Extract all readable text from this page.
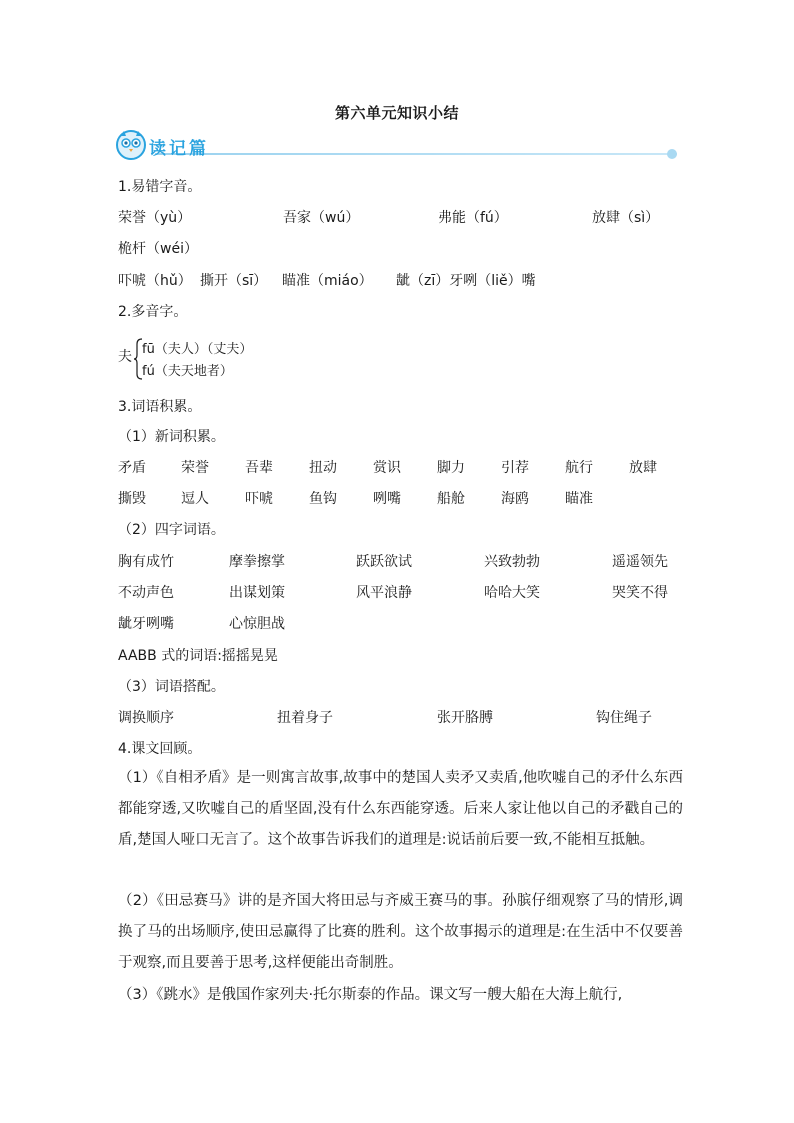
第六单元知识小结
读记篇
1.易错字音。
荣誉（yù）	吾家（wú）	弗能（fú）	放肆（sì）
桅杆（wéi）
吓唬（hǔ） 撕开（sī） 瞄准（miáo） 龇（zī）牙咧（liě）嘴
2.多音字。
夫 fū（夫人）（丈夫）
fú（夫天地者）
3.词语积累。
（1）新词积累。
矛盾	荣誉	吾辈	扭动	赏识	脚力	引荐	航行	放肆
撕毁	逗人	吓唬	鱼钩	咧嘴	船舱	海鸥	瞄准
（2）四字词语。
胸有成竹	摩拳擦掌	跃跃欲试	兴致勃勃	遥遥领先
不动声色	出谋划策	风平浪静	哈哈大笑	哭笑不得
龇牙咧嘴	心惊胆战
AABB 式的词语:摇摇晃晃
（3）词语搭配。
调换顺序	扭着身子	张开胳膊	钩住绳子
4.课文回顾。
（1）《自相矛盾》是一则寓言故事,故事中的楚国人卖矛又卖盾,他吹嘘自己的矛什么东西都能穿透,又吹嘘自己的盾坚固,没有什么东西能穿透。后来人家让他以自己的矛戳自己的盾,楚国人哑口无言了。这个故事告诉我们的道理是:说话前后要一致,不能相互抵触。
（2）《田忌赛马》讲的是齐国大将田忌与齐威王赛马的事。孙膑仔细观察了马的情形,调换了马的出场顺序,使田忌赢得了比赛的胜利。这个故事揭示的道理是:在生活中不仅要善于观察,而且要善于思考,这样便能出奇制胜。
（3）《跳水》是俄国作家列夫·托尔斯泰的作品。课文写一艘大船在大海上航行,
